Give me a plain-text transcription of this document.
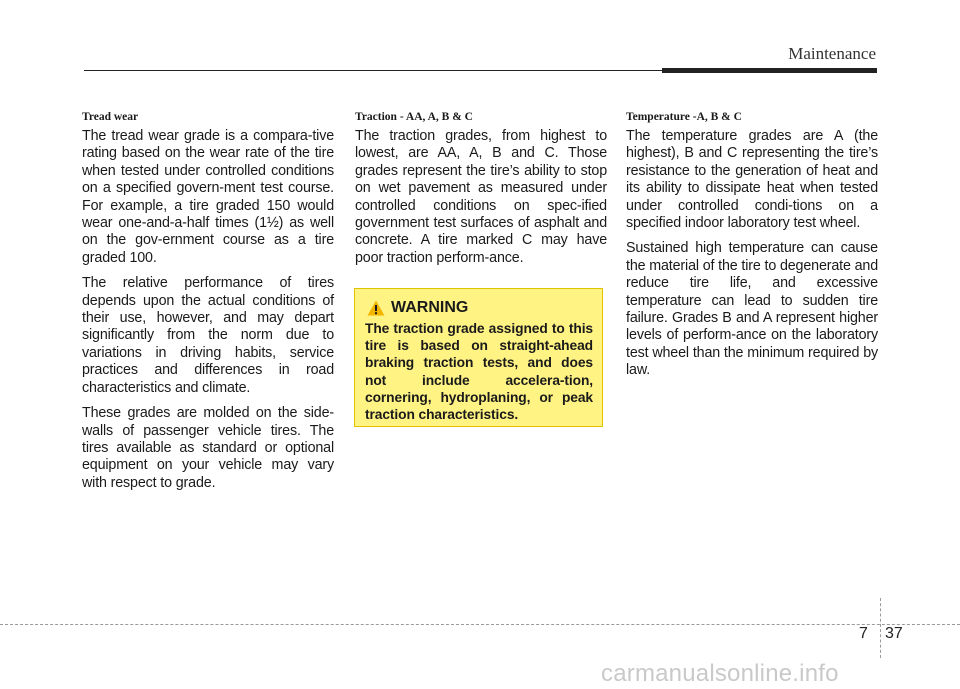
Maintenance
Tread wear

The tread wear grade is a compara-tive rating based on the wear rate of the tire when tested under controlled conditions on a specified govern-ment test course. For example, a tire graded 150 would wear one-and-a-half times (1½) as well on the gov-ernment course as a tire graded 100.

The relative performance of tires depends upon the actual conditions of their use, however, and may depart significantly from the norm due to variations in driving habits, service practices and differences in road characteristics and climate.

These grades are molded on the side-walls of passenger vehicle tires. The tires available as standard or optional equipment on your vehicle may vary with respect to grade.

Traction - AA, A, B & C

The traction grades, from highest to lowest, are AA, A, B and C. Those grades represent the tire’s ability to stop on wet pavement as measured under controlled conditions on spec-ified government test surfaces of asphalt and concrete. A tire marked C may have poor traction perform-ance.

WARNING

The traction grade assigned to this tire is based on straight-ahead braking traction tests, and does not include accelera-tion, cornering, hydroplaning, or peak traction characteristics.

Temperature -A, B & C

The temperature grades are A (the highest), B and C representing the tire’s resistance to the generation of heat and its ability to dissipate heat when tested under controlled condi-tions on a specified indoor laboratory test wheel.

Sustained high temperature can cause the material of the tire to degenerate and reduce tire life, and excessive temperature can lead to sudden tire failure. Grades B and A represent higher levels of perform-ance on the laboratory test wheel than the minimum required by law.

7 37
carmanualsonline.info
